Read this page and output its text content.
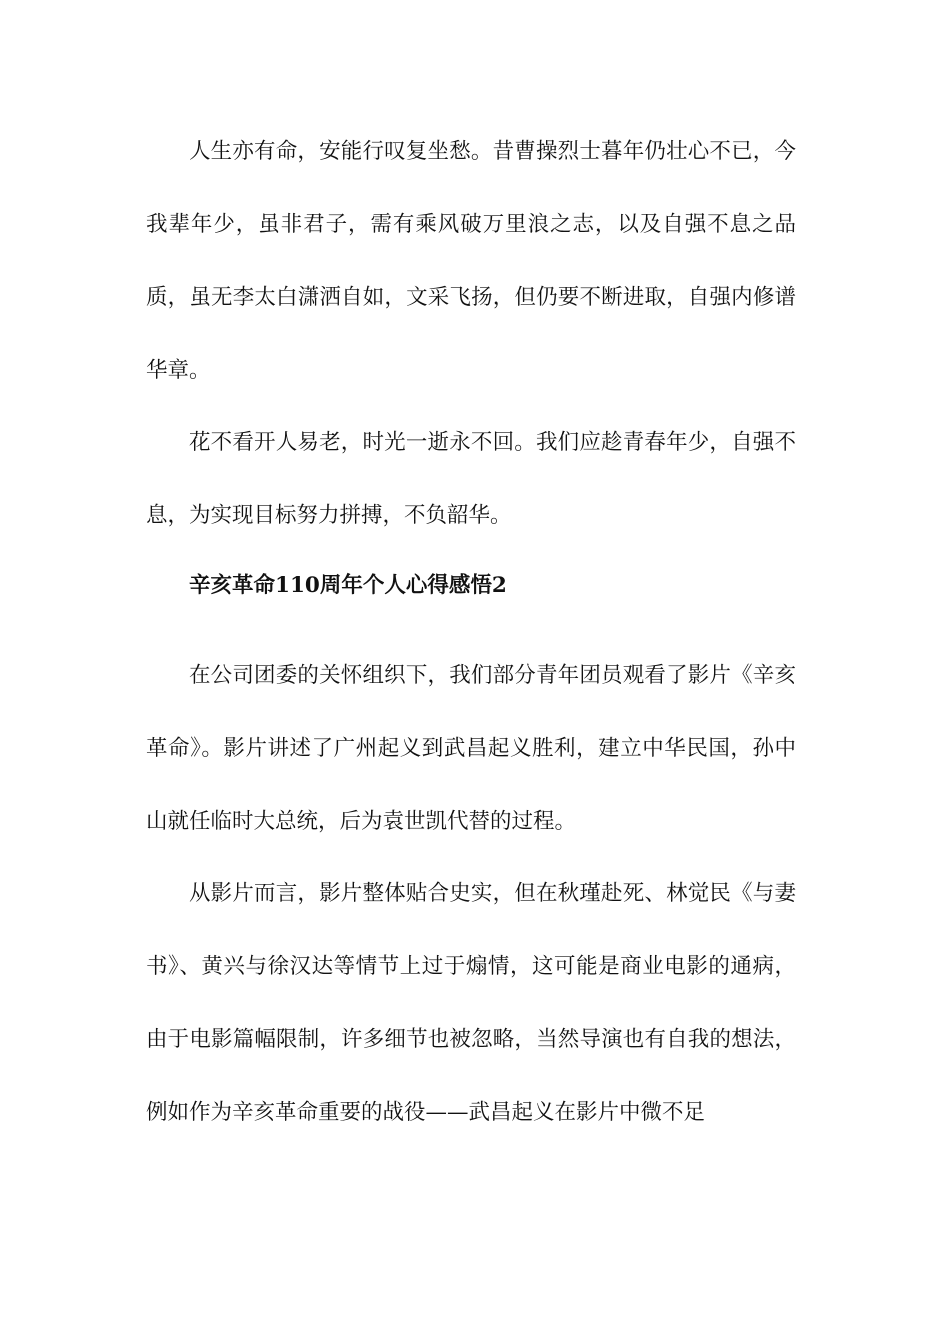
人生亦有命，安能行叹复坐愁。昔曹操烈士暮年仍壮心不已，今我辈年少，虽非君子，需有乘风破万里浪之志，以及自强不息之品质，虽无李太白潇洒自如，文采飞扬，但仍要不断进取，自强内修谱华章。

花不看开人易老，时光一逝永不回。我们应趁青春年少，自强不息，为实现目标努力拼搏，不负韶华。

辛亥革命110周年个人心得感悟2

在公司团委的关怀组织下，我们部分青年团员观看了影片《辛亥革命》。影片讲述了广州起义到武昌起义胜利，建立中华民国，孙中山就任临时大总统，后为袁世凯代替的过程。

从影片而言，影片整体贴合史实，但在秋瑾赴死、林觉民《与妻书》、黄兴与徐汉达等情节上过于煽情，这可能是商业电影的通病，由于电影篇幅限制，许多细节也被忽略，当然导演也有自我的想法，例如作为辛亥革命重要的战役——武昌起义在影片中微不足
